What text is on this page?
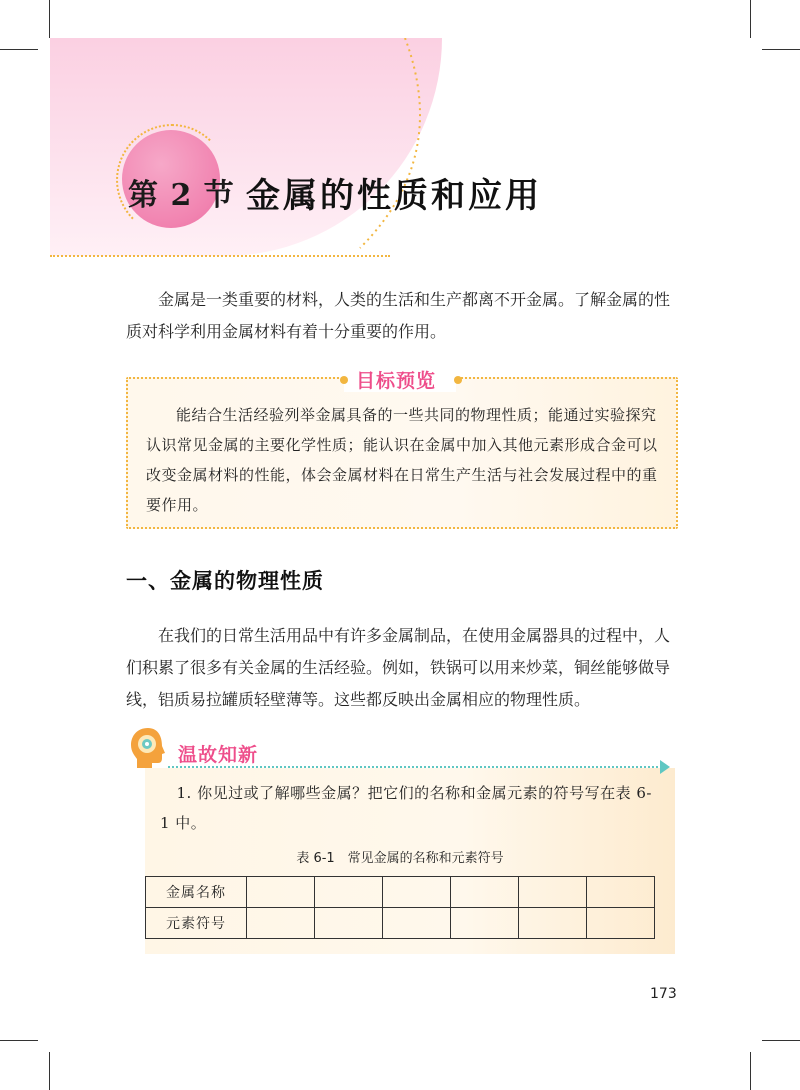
第 2 节 金属的性质和应用
金属是一类重要的材料，人类的生活和生产都离不开金属。了解金属的性质对科学利用金属材料有着十分重要的作用。
目标预览
能结合生活经验列举金属具备的一些共同的物理性质；能通过实验探究认识常见金属的主要化学性质；能认识在金属中加入其他元素形成合金可以改变金属材料的性能，体会金属材料在日常生产生活与社会发展过程中的重要作用。
一、金属的物理性质
在我们的日常生活用品中有许多金属制品，在使用金属器具的过程中，人们积累了很多有关金属的生活经验。例如，铁锅可以用来炒菜，铜丝能够做导线，铝质易拉罐质轻壁薄等。这些都反映出金属相应的物理性质。
温故知新
1. 你见过或了解哪些金属？把它们的名称和金属元素的符号写在表 6-1 中。
表 6-1　常见金属的名称和元素符号
金属名称						
元素符号						
173
